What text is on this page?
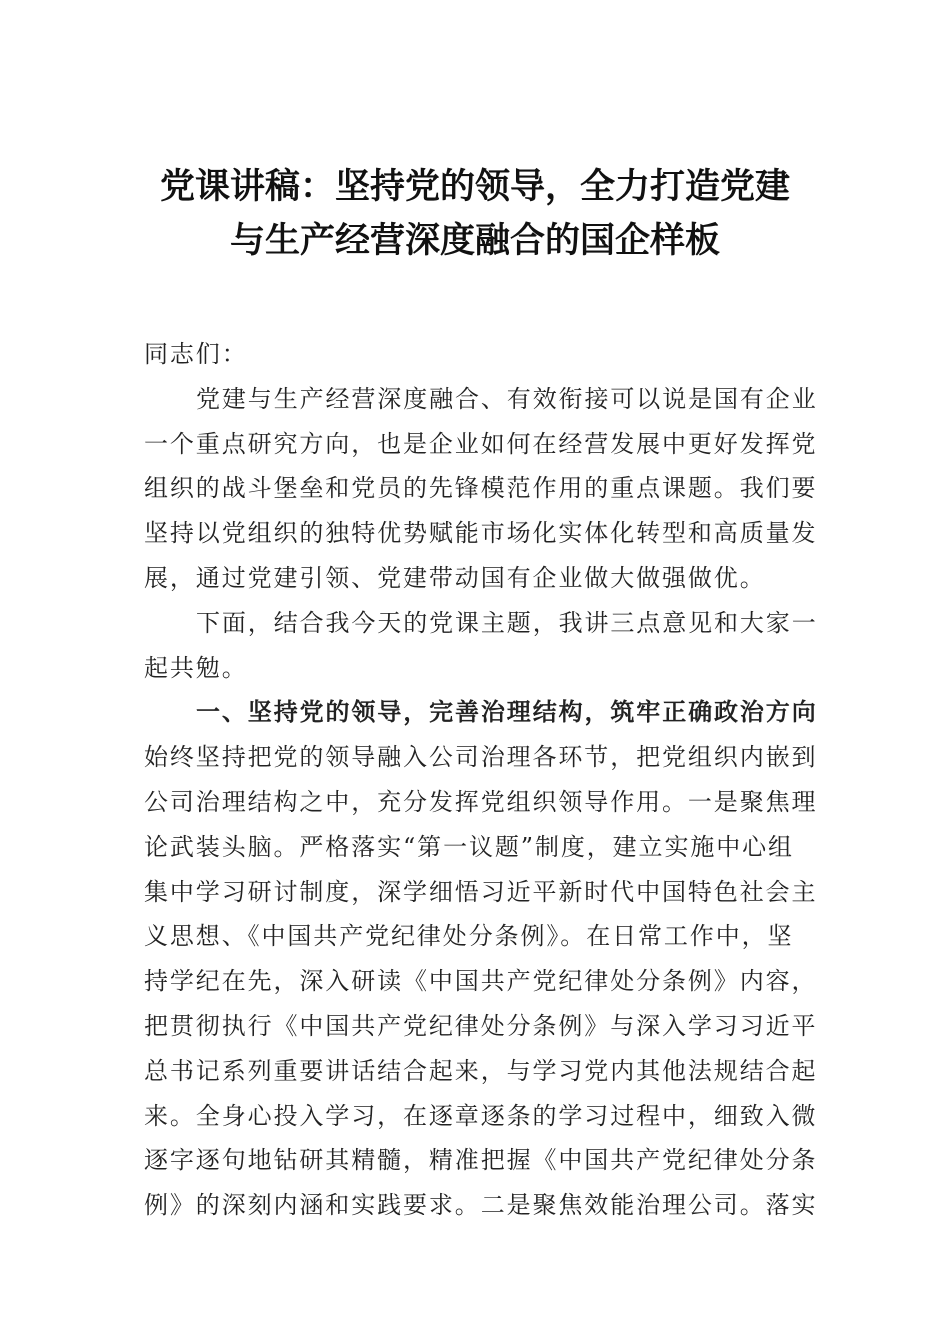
党课讲稿：坚持党的领导，全力打造党建
与生产经营深度融合的国企样板

同志们：

党建与生产经营深度融合、有效衔接可以说是国有企业
一个重点研究方向，也是企业如何在经营发展中更好发挥党
组织的战斗堡垒和党员的先锋模范作用的重点课题。我们要
坚持以党组织的独特优势赋能市场化实体化转型和高质量发
展，通过党建引领、党建带动国有企业做大做强做优。

下面，结合我今天的党课主题，我讲三点意见和大家一
起共勉。

一、坚持党的领导，完善治理结构，筑牢正确政治方向

始终坚持把党的领导融入公司治理各环节，把党组织内嵌到
公司治理结构之中，充分发挥党组织领导作用。一是聚焦理
论武装头脑。严格落实“第一议题”制度，建立实施中心组
集中学习研讨制度，深学细悟习近平新时代中国特色社会主
义思想、《中国共产党纪律处分条例》。在日常工作中，坚
持学纪在先，深入研读《中国共产党纪律处分条例》内容，
把贯彻执行《中国共产党纪律处分条例》与深入学习习近平
总书记系列重要讲话结合起来，与学习党内其他法规结合起
来。全身心投入学习，在逐章逐条的学习过程中，细致入微
逐字逐句地钻研其精髓，精准把握《中国共产党纪律处分条
例》的深刻内涵和实践要求。二是聚焦效能治理公司。落实
